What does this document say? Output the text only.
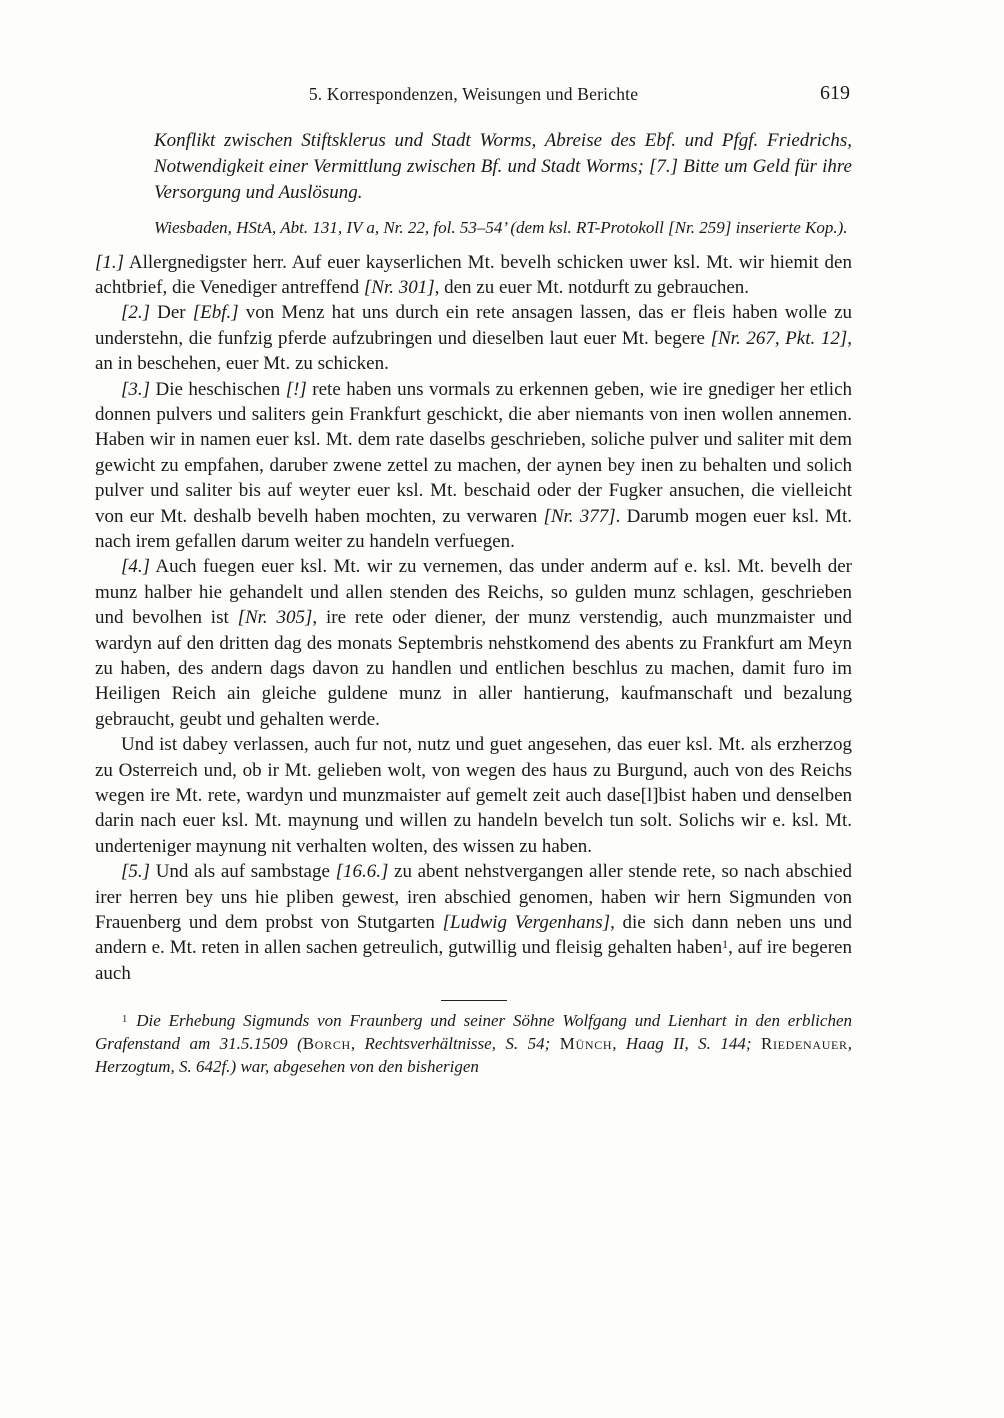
5. Korrespondenzen, Weisungen und Berichte	619
Konflikt zwischen Stiftsklerus und Stadt Worms, Abreise des Ebf. und Pfgf. Friedrichs, Notwendigkeit einer Vermittlung zwischen Bf. und Stadt Worms; [7.] Bitte um Geld für ihre Versorgung und Auslösung.
Wiesbaden, HStA, Abt. 131, IV a, Nr. 22, fol. 53–54’ (dem ksl. RT-Protokoll [Nr. 259] inserierte Kop.).

[1.] Allergnedigster herr. Auf euer kayserlichen Mt. bevelh schicken uwer ksl. Mt. wir hiemit den achtbrief, die Venediger antreffend [Nr. 301], den zu euer Mt. notdurft zu gebrauchen.

[2.] Der [Ebf.] von Menz hat uns durch ein rete ansagen lassen, das er fleis haben wolle zu understehn, die funfzig pferde aufzubringen und dieselben laut euer Mt. begere [Nr. 267, Pkt. 12], an in beschehen, euer Mt. zu schicken.

[3.] Die heschischen [!] rete haben uns vormals zu erkennen geben, wie ire gnediger her etlich donnen pulvers und saliters gein Frankfurt geschickt, die aber niemants von inen wollen annemen. Haben wir in namen euer ksl. Mt. dem rate daselbs geschrieben, soliche pulver und saliter mit dem gewicht zu empfahen, daruber zwene zettel zu machen, der aynen bey inen zu behalten und solich pulver und saliter bis auf weyter euer ksl. Mt. beschaid oder der Fugker ansuchen, die vielleicht von eur Mt. deshalb bevelh haben mochten, zu verwaren [Nr. 377]. Darumb mogen euer ksl. Mt. nach irem gefallen darum weiter zu handeln verfuegen.

[4.] Auch fuegen euer ksl. Mt. wir zu vernemen, das under anderm auf e. ksl. Mt. bevelh der munz halber hie gehandelt und allen stenden des Reichs, so gulden munz schlagen, geschrieben und bevolhen ist [Nr. 305], ire rete oder diener, der munz verstendig, auch munzmaister und wardyn auf den dritten dag des monats Septembris nehstkomend des abents zu Frankfurt am Meyn zu haben, des andern dags davon zu handlen und entlichen beschlus zu machen, damit furo im Heiligen Reich ain gleiche guldene munz in aller hantierung, kaufmanschaft und bezalung gebraucht, geubt und gehalten werde.

Und ist dabey verlassen, auch fur not, nutz und guet angesehen, das euer ksl. Mt. als erzherzog zu Osterreich und, ob ir Mt. gelieben wolt, von wegen des haus zu Burgund, auch von des Reichs wegen ire Mt. rete, wardyn und munzmaister auf gemelt zeit auch dase[l]bist haben und denselben darin nach euer ksl. Mt. maynung und willen zu handeln bevelch tun solt. Solichs wir e. ksl. Mt. underteniger maynung nit verhalten wolten, des wissen zu haben.

[5.] Und als auf sambstage [16.6.] zu abent nehstvergangen aller stende rete, so nach abschied irer herren bey uns hie pliben gewest, iren abschied genomen, haben wir hern Sigmunden von Frauenberg und dem probst von Stutgarten [Ludwig Vergenhans], die sich dann neben uns und andern e. Mt. reten in allen sachen getreulich, gutwillig und fleisig gehalten haben$^1$, auf ire begeren auch

$^1$ Die Erhebung Sigmunds von Fraunberg und seiner Söhne Wolfgang und Lienhart in den erblichen Grafenstand am 31.5.1509 (Borch, Rechtsverhältnisse, S. 54; Münch, Haag II, S. 144; Riedenauer, Herzogtum, S. 642f.) war, abgesehen von den bisherigen
